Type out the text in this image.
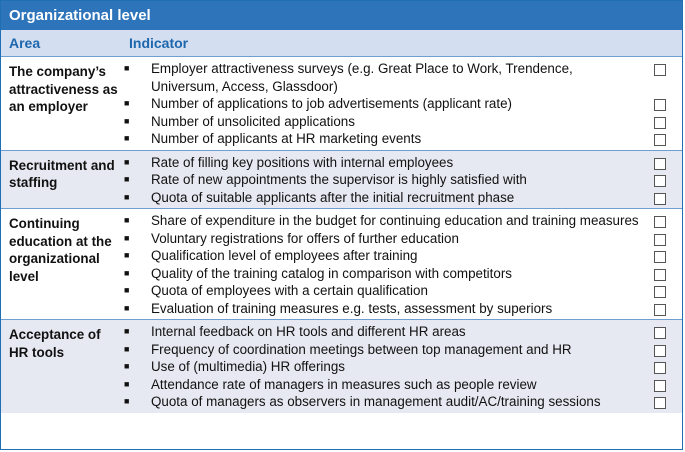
Organizational level
Area	Indicator
The company’s attractiveness as an employer
■	Employer attractiveness surveys (e.g. Great Place to Work, Trendence, Universum, Access, Glassdoor)
■	Number of applications to job advertisements (applicant rate)
■	Number of unsolicited applications
■	Number of applicants at HR marketing events
Recruitment and staffing
■	Rate of filling key positions with internal employees
■	Rate of new appointments the supervisor is highly satisfied with
■	Quota of suitable applicants after the initial recruitment phase
Continuing education at the organizational level
■	Share of expenditure in the budget for continuing education and training measures
■	Voluntary registrations for offers of further education
■	Qualification level of employees after training
■	Quality of the training catalog in comparison with competitors
■	Quota of employees with a certain qualification
■	Evaluation of training measures e.g. tests, assessment by superiors
Acceptance of HR tools
■	Internal feedback on HR tools and different HR areas
■	Frequency of coordination meetings between top management and HR
■	Use of (multimedia) HR offerings
■	Attendance rate of managers in measures such as people review
■	Quota of managers as observers in management audit/AC/training sessions
